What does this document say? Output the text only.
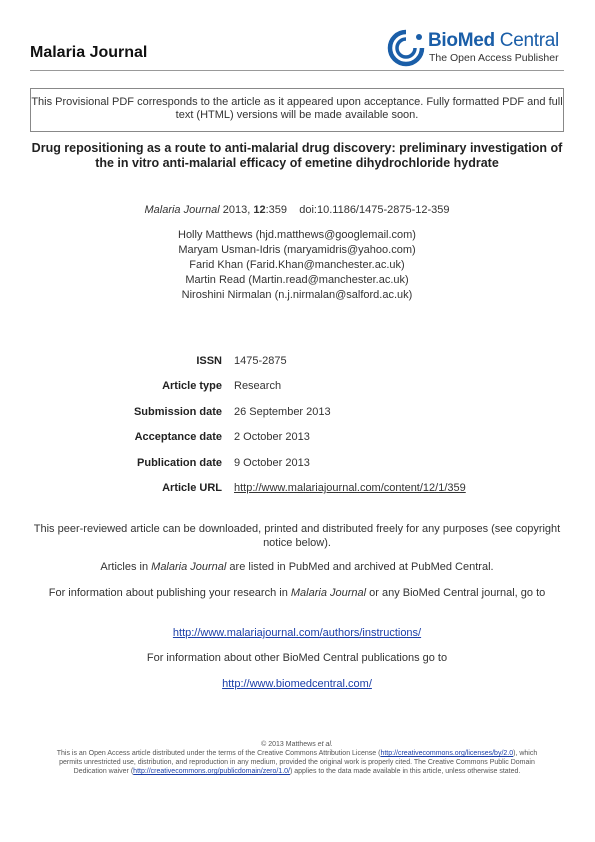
Malaria Journal
BioMed Central
The Open Access Publisher
This Provisional PDF corresponds to the article as it appeared upon acceptance. Fully formatted PDF and full text (HTML) versions will be made available soon.
Drug repositioning as a route to anti-malarial drug discovery: preliminary investigation of the in vitro anti-malarial efficacy of emetine dihydrochloride hydrate
Malaria Journal 2013, 12:359 doi:10.1186/1475-2875-12-359
Holly Matthews (hjd.matthews@googlemail.com)
Maryam Usman-Idris (maryamidris@yahoo.com)
Farid Khan (Farid.Khan@manchester.ac.uk)
Martin Read (Martin.read@manchester.ac.uk)
Niroshini Nirmalan (n.j.nirmalan@salford.ac.uk)
ISSN 1475-2875
Article type Research
Submission date 26 September 2013
Acceptance date 2 October 2013
Publication date 9 October 2013
Article URL http://www.malariajournal.com/content/12/1/359
This peer-reviewed article can be downloaded, printed and distributed freely for any purposes (see copyright notice below).
Articles in Malaria Journal are listed in PubMed and archived at PubMed Central.
For information about publishing your research in Malaria Journal or any BioMed Central journal, go to
http://www.malariajournal.com/authors/instructions/
For information about other BioMed Central publications go to
http://www.biomedcentral.com/
© 2013 Matthews et al.
This is an Open Access article distributed under the terms of the Creative Commons Attribution License (http://creativecommons.org/licenses/by/2.0), which
permits unrestricted use, distribution, and reproduction in any medium, provided the original work is properly cited. The Creative Commons Public Domain
Dedication waiver (http://creativecommons.org/publicdomain/zero/1.0/) applies to the data made available in this article, unless otherwise stated.
